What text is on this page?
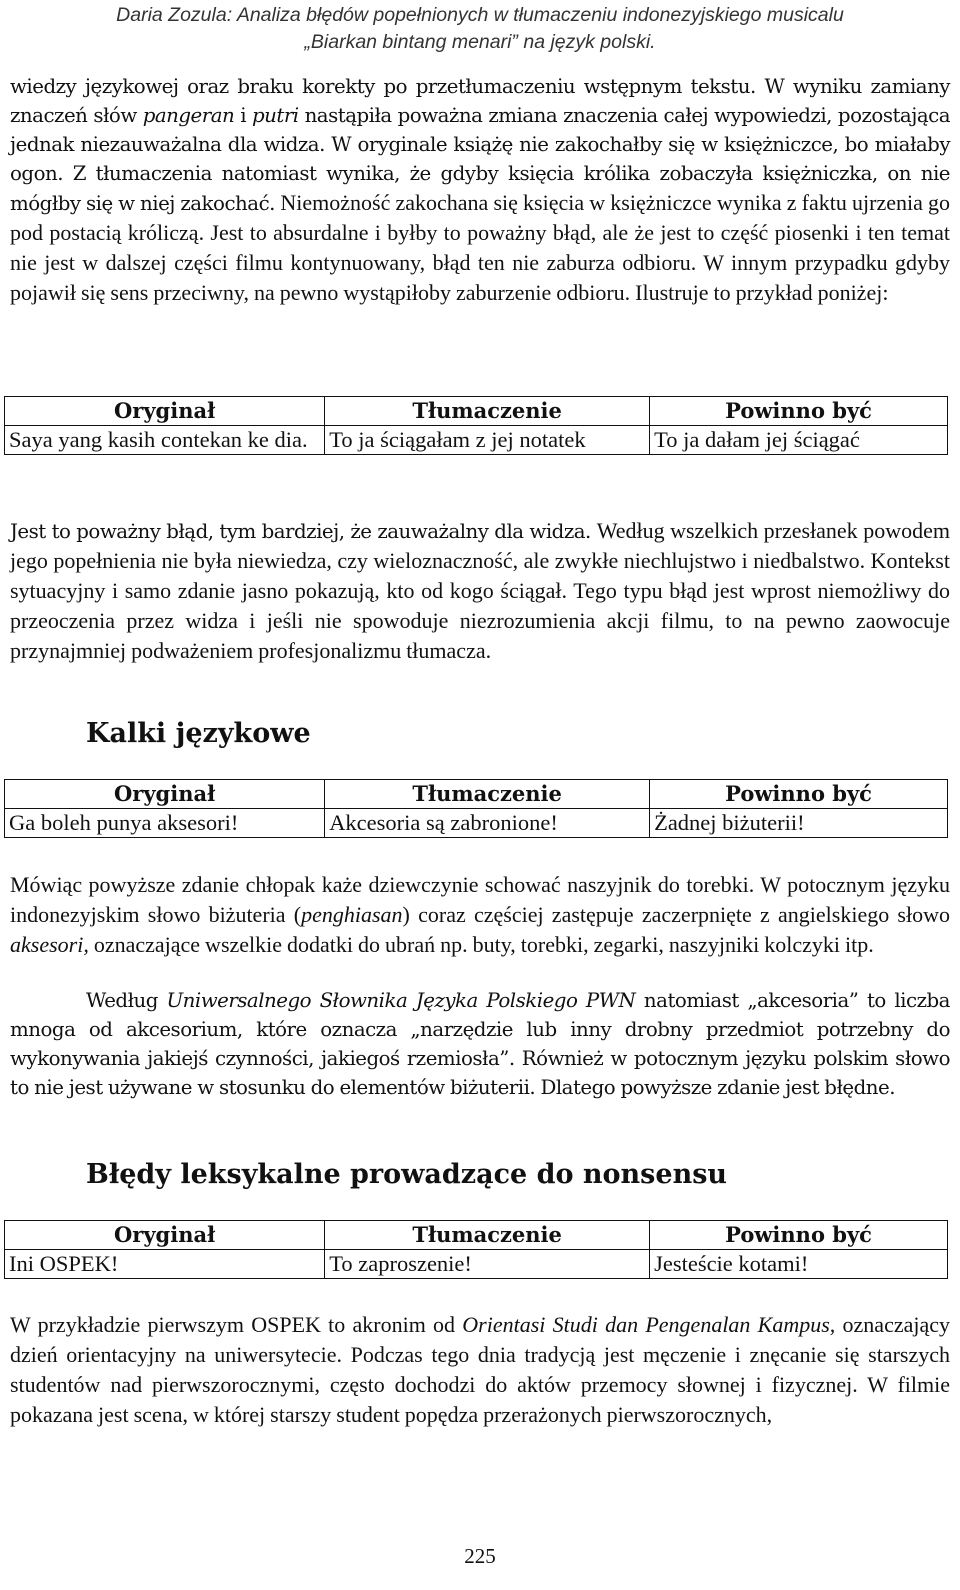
Daria Zozula: Analiza błędów popełnionych w tłumaczeniu indonezyjskiego musicalu
„Biarkan bintang menari” na język polski.

wiedzy językowej oraz braku korekty po przetłumaczeniu wstępnym tekstu. W wyniku zamiany znaczeń słów pangeran i putri nastąpiła poważna zmiana znaczenia całej wypowiedzi, pozostająca jednak niezauważalna dla widza. W oryginale książę nie zakochałby się w księżniczce, bo miałaby ogon. Z tłumaczenia natomiast wynika, że gdyby księcia królika zobaczyła księżniczka, on nie mógłby się w niej zakochać. Niemożność zakochana się księcia w księżniczce wynika z faktu ujrzenia go pod postacią króliczą. Jest to absurdalne i byłby to poważny błąd, ale że jest to część piosenki i ten temat nie jest w dalszej części filmu kontynuowany, błąd ten nie zaburza odbioru. W innym przypadku gdyby pojawił się sens przeciwny, na pewno wystąpiłoby zaburzenie odbioru. Ilustruje to przykład poniżej:

Oryginał	Tłumaczenie	Powinno być
Saya yang kasih contekan ke dia.	To ja ściągałam z jej notatek	To ja dałam jej ściągać

Jest to poważny błąd, tym bardziej, że zauważalny dla widza. Według wszelkich przesłanek powodem jego popełnienia nie była niewiedza, czy wieloznaczność, ale zwykłe niechlujstwo i niedbalstwo. Kontekst sytuacyjny i samo zdanie jasno pokazują, kto od kogo ściągał. Tego typu błąd jest wprost niemożliwy do przeoczenia przez widza i jeśli nie spowoduje niezrozumienia akcji filmu, to na pewno zaowocuje przynajmniej podważeniem profesjonalizmu tłumacza.

Kalki językowe
Oryginał	Tłumaczenie	Powinno być
Ga boleh punya aksesori!	Akcesoria są zabronione!	Żadnej biżuterii!

Mówiąc powyższe zdanie chłopak każe dziewczynie schować naszyjnik do torebki. W potocznym języku indonezyjskim słowo biżuteria (penghiasan) coraz częściej zastępuje zaczerpnięte z angielskiego słowo aksesori, oznaczające wszelkie dodatki do ubrań np. buty, torebki, zegarki, naszyjniki kolczyki itp.

Według Uniwersalnego Słownika Języka Polskiego PWN natomiast „akcesoria” to liczba mnoga od akcesorium, które oznacza „narzędzie lub inny drobny przedmiot potrzebny do wykonywania jakiejś czynności, jakiegoś rzemiosła”. Również w potocznym języku polskim słowo to nie jest używane w stosunku do elementów biżuterii. Dlatego powyższe zdanie jest błędne.

Błędy leksykalne prowadzące do nonsensu
Oryginał	Tłumaczenie	Powinno być
Ini OSPEK!	To zaproszenie!	Jesteście kotami!

W przykładzie pierwszym OSPEK to akronim od Orientasi Studi dan Pengenalan Kampus, oznaczający dzień orientacyjny na uniwersytecie. Podczas tego dnia tradycją jest męczenie i znęcanie się starszych studentów nad pierwszorocznymi, często dochodzi do aktów przemocy słownej i fizycznej. W filmie pokazana jest scena, w której starszy student popędza przerażonych pierwszorocznych,

225
